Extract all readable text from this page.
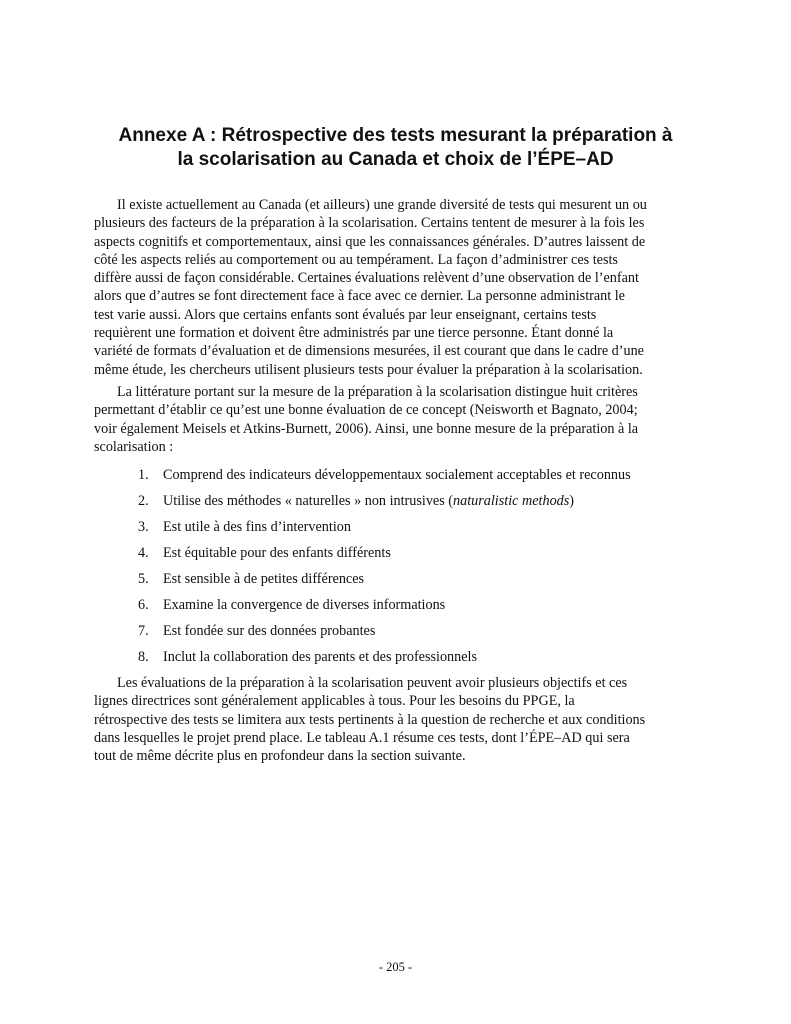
Annexe A : Rétrospective des tests mesurant la préparation à
la scolarisation au Canada et choix de l’ÉPE–AD

Il existe actuellement au Canada (et ailleurs) une grande diversité de tests qui mesurent un ou
plusieurs des facteurs de la préparation à la scolarisation. Certains tentent de mesurer à la fois les
aspects cognitifs et comportementaux, ainsi que les connaissances générales. D’autres laissent de
côté les aspects reliés au comportement ou au tempérament. La façon d’administrer ces tests
diffère aussi de façon considérable. Certaines évaluations relèvent d’une observation de l’enfant
alors que d’autres se font directement face à face avec ce dernier. La personne administrant le
test varie aussi. Alors que certains enfants sont évalués par leur enseignant, certains tests
requièrent une formation et doivent être administrés par une tierce personne. Étant donné la
variété de formats d’évaluation et de dimensions mesurées, il est courant que dans le cadre d’une
même étude, les chercheurs utilisent plusieurs tests pour évaluer la préparation à la scolarisation.

La littérature portant sur la mesure de la préparation à la scolarisation distingue huit critères
permettant d’établir ce qu’est une bonne évaluation de ce concept (Neisworth et Bagnato, 2004;
voir également Meisels et Atkins-Burnett, 2006). Ainsi, une bonne mesure de la préparation à la
scolarisation :

1. Comprend des indicateurs développementaux socialement acceptables et reconnus
2. Utilise des méthodes « naturelles » non intrusives (naturalistic methods)
3. Est utile à des fins d’intervention
4. Est équitable pour des enfants différents
5. Est sensible à de petites différences
6. Examine la convergence de diverses informations
7. Est fondée sur des données probantes
8. Inclut la collaboration des parents et des professionnels

Les évaluations de la préparation à la scolarisation peuvent avoir plusieurs objectifs et ces
lignes directrices sont généralement applicables à tous. Pour les besoins du PPGE, la
rétrospective des tests se limitera aux tests pertinents à la question de recherche et aux conditions
dans lesquelles le projet prend place. Le tableau A.1 résume ces tests, dont l’ÉPE–AD qui sera
tout de même décrite plus en profondeur dans la section suivante.

- 205 -
